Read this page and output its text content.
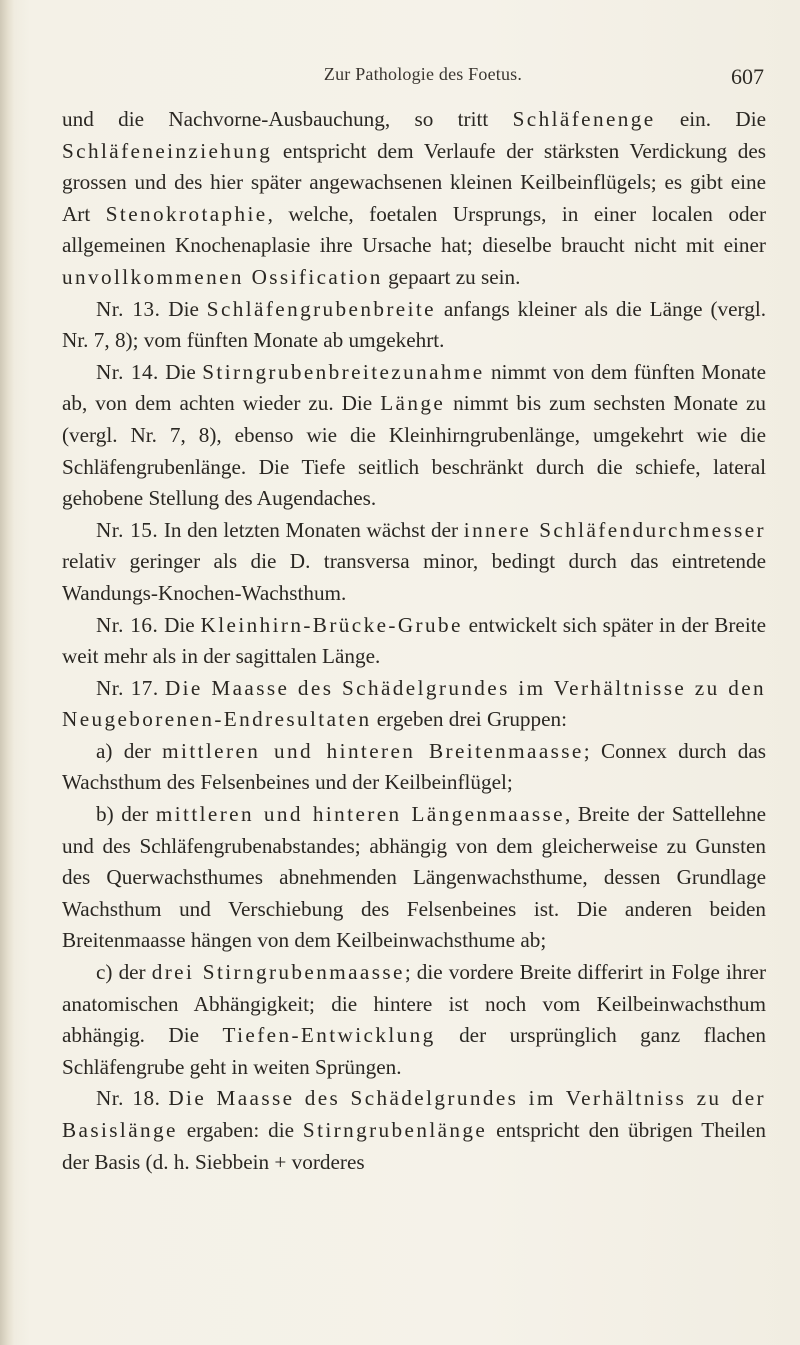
Zur Pathologie des Foetus.	607

und die Nachvorne-Ausbauchung, so tritt Schläfenenge ein. Die Schläfeneinziehung entspricht dem Verlaufe der stärksten Verdickung des grossen und des hier später angewachsenen kleinen Keilbeinflügels; es gibt eine Art Stenokrotaphie, welche, foetalen Ursprungs, in einer localen oder allgemeinen Knochenaplasie ihre Ursache hat; dieselbe braucht nicht mit einer unvollkommenen Ossification gepaart zu sein.

Nr. 13. Die Schläfengrubenbreite anfangs kleiner als die Länge (vergl. Nr. 7, 8); vom fünften Monate ab umgekehrt.

Nr. 14. Die Stirngrubenbreitezunahme nimmt von dem fünften Monate ab, von dem achten wieder zu. Die Länge nimmt bis zum sechsten Monate zu (vergl. Nr. 7, 8), ebenso wie die Kleinhirngrubenlänge, umgekehrt wie die Schläfengrubenlänge. Die Tiefe seitlich beschränkt durch die schiefe, lateral gehobene Stellung des Augendaches.

Nr. 15. In den letzten Monaten wächst der innere Schläfendurchmesser relativ geringer als die D. transversa minor, bedingt durch das eintretende Wandungs-Knochen-Wachsthum.

Nr. 16. Die Kleinhirn-Brücke-Grube entwickelt sich später in der Breite weit mehr als in der sagittalen Länge.

Nr. 17. Die Maasse des Schädelgrundes im Verhältnisse zu den Neugeborenen-Endresultaten ergeben drei Gruppen:

a) der mittleren und hinteren Breitenmaasse; Connex durch das Wachsthum des Felsenbeines und der Keilbeinflügel;

b) der mittleren und hinteren Längenmaasse, Breite der Sattellehne und des Schläfengrubenabstandes; abhängig von dem gleicherweise zu Gunsten des Querwachsthumes abnehmenden Längenwachsthume, dessen Grundlage Wachsthum und Verschiebung des Felsenbeines ist. Die anderen beiden Breitenmaasse hängen von dem Keilbeinwachsthume ab;

c) der drei Stirngrubenmaasse; die vordere Breite differirt in Folge ihrer anatomischen Abhängigkeit; die hintere ist noch vom Keilbeinwachsthum abhängig. Die Tiefen-Entwicklung der ursprünglich ganz flachen Schläfengrube geht in weiten Sprüngen.

Nr. 18. Die Maasse des Schädelgrundes im Verhältniss zu der Basislänge ergaben: die Stirngrubenlänge entspricht den übrigen Theilen der Basis (d. h. Siebbein + vorderes
